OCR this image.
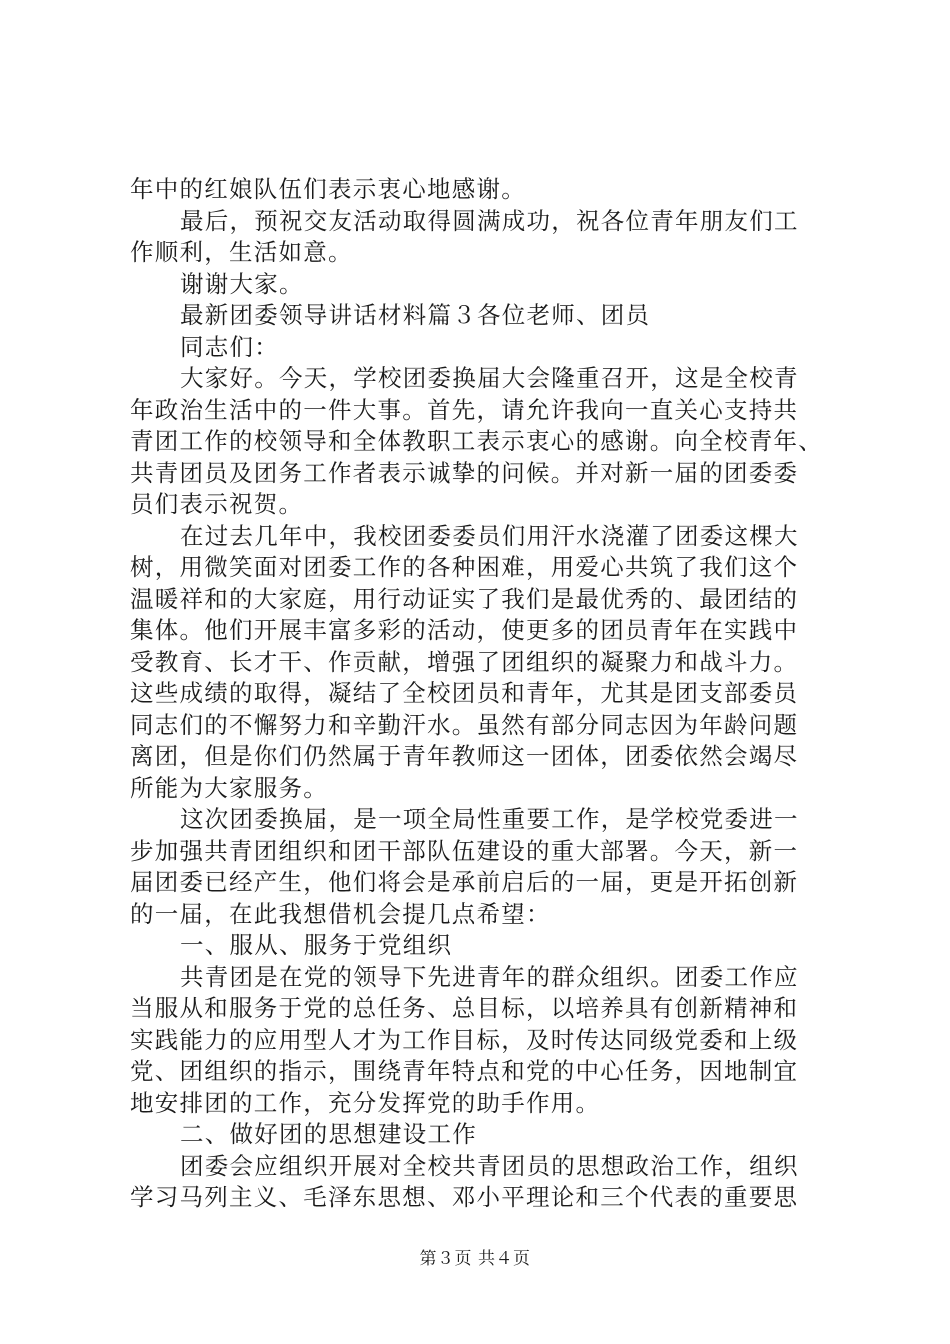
年中的红娘队伍们表示衷心地感谢。
最后，预祝交友活动取得圆满成功，祝各位青年朋友们工
作顺利，生活如意。
谢谢大家。
最新团委领导讲话材料篇３各位老师、团员
同志们：
大家好。今天，学校团委换届大会隆重召开，这是全校青
年政治生活中的一件大事。首先，请允许我向一直关心支持共
青团工作的校领导和全体教职工表示衷心的感谢。向全校青年、
共青团员及团务工作者表示诚挚的问候。并对新一届的团委委
员们表示祝贺。
在过去几年中，我校团委委员们用汗水浇灌了团委这棵大
树，用微笑面对团委工作的各种困难，用爱心共筑了我们这个
温暖祥和的大家庭，用行动证实了我们是最优秀的、最团结的
集体。他们开展丰富多彩的活动，使更多的团员青年在实践中
受教育、长才干、作贡献，增强了团组织的凝聚力和战斗力。
这些成绩的取得，凝结了全校团员和青年，尤其是团支部委员
同志们的不懈努力和辛勤汗水。虽然有部分同志因为年龄问题
离团，但是你们仍然属于青年教师这一团体，团委依然会竭尽
所能为大家服务。
这次团委换届，是一项全局性重要工作，是学校党委进一
步加强共青团组织和团干部队伍建设的重大部署。今天，新一
届团委已经产生，他们将会是承前启后的一届，更是开拓创新
的一届，在此我想借机会提几点希望：
一、服从、服务于党组织
共青团是在党的领导下先进青年的群众组织。团委工作应
当服从和服务于党的总任务、总目标，以培养具有创新精神和
实践能力的应用型人才为工作目标，及时传达同级党委和上级
党、团组织的指示，围绕青年特点和党的中心任务，因地制宜
地安排团的工作，充分发挥党的助手作用。
二、做好团的思想建设工作
团委会应组织开展对全校共青团员的思想政治工作，组织
学习马列主义、毛泽东思想、邓小平理论和三个代表的重要思
第３页 共４页
